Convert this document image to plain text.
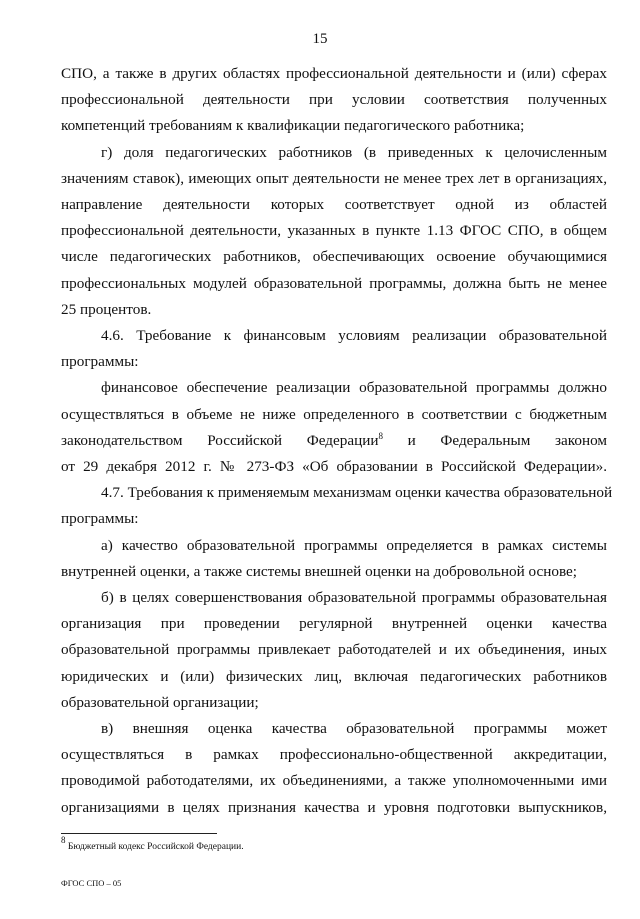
15
СПО, а также в других областях профессиональной деятельности и (или) сферах
профессиональной деятельности при условии соответствия полученных
компетенций требованиям к квалификации педагогического работника;
г) доля педагогических работников (в приведенных к целочисленным
значениям ставок), имеющих опыт деятельности не менее трех лет в организациях,
направление деятельности которых соответствует одной из областей
профессиональной деятельности, указанных в пункте 1.13 ФГОС СПО, в общем
числе педагогических работников, обеспечивающих освоение обучающимися
профессиональных модулей образовательной программы, должна быть не менее
25 процентов.
4.6. Требование к финансовым условиям реализации образовательной
программы:
финансовое обеспечение реализации образовательной программы должно
осуществляться в объеме не ниже определенного в соответствии с бюджетным
законодательством Российской Федерации$^8$ и Федеральным законом
от 29 декабря 2012 г. № 273-ФЗ «Об образовании в Российской Федерации».
4.7. Требования к применяемым механизмам оценки качества образовательной
программы:
а) качество образовательной программы определяется в рамках системы
внутренней оценки, а также системы внешней оценки на добровольной основе;
б) в целях совершенствования образовательной программы образовательная
организация при проведении регулярной внутренней оценки качества
образовательной программы привлекает работодателей и их объединения, иных
юридических и (или) физических лиц, включая педагогических работников
образовательной организации;
в) внешняя оценка качества образовательной программы может
осуществляться в рамках профессионально-общественной аккредитации,
проводимой работодателями, их объединениями, а также уполномоченными ими
организациями в целях признания качества и уровня подготовки выпускников,
$^8$ Бюджетный кодекс Российской Федерации.
ФГОС СПО – 05
